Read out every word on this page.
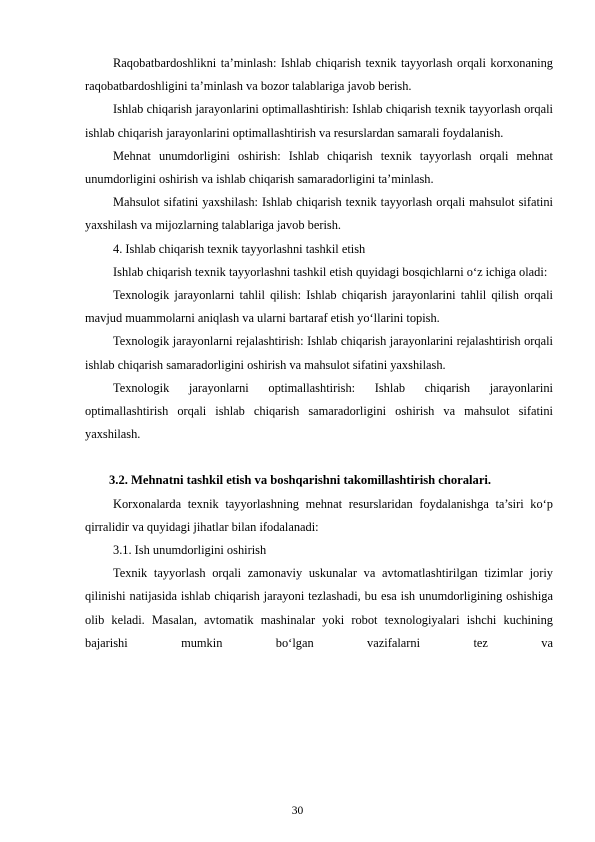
Raqobatbardoshlikni ta’minlash: Ishlab chiqarish texnik tayyorlash orqali korxonaning raqobatbardoshligini ta’minlash va bozor talablariga javob berish.

Ishlab chiqarish jarayonlarini optimallashtirish: Ishlab chiqarish texnik tayyorlash orqali ishlab chiqarish jarayonlarini optimallashtirish va resurslardan samarali foydalanish.

Mehnat unumdorligini oshirish: Ishlab chiqarish texnik tayyorlash orqali mehnat unumdorligini oshirish va ishlab chiqarish samaradorligini ta’minlash.

Mahsulot sifatini yaxshilash: Ishlab chiqarish texnik tayyorlash orqali mahsulot sifatini yaxshilash va mijozlarning talablariga javob berish.

4. Ishlab chiqarish texnik tayyorlashni tashkil etish

Ishlab chiqarish texnik tayyorlashni tashkil etish quyidagi bosqichlarni o‘z ichiga oladi:

Texnologik jarayonlarni tahlil qilish: Ishlab chiqarish jarayonlarini tahlil qilish orqali mavjud muammolarni aniqlash va ularni bartaraf etish yo‘llarini topish.

Texnologik jarayonlarni rejalashtirish: Ishlab chiqarish jarayonlarini rejalashtirish orqali ishlab chiqarish samaradorligini oshirish va mahsulot sifatini yaxshilash.

Texnologik jarayonlarni optimallashtirish: Ishlab chiqarish jarayonlarini optimallashtirish orqali ishlab chiqarish samaradorligini oshirish va mahsulot sifatini yaxshilash.

3.2. Mehnatni tashkil etish va boshqarishni takomillashtirish choralari.

Korxonalarda texnik tayyorlashning mehnat resurslaridan foydalanishga ta’siri ko‘p qirralidir va quyidagi jihatlar bilan ifodalanadi:

3.1. Ish unumdorligini oshirish

Texnik tayyorlash orqali zamonaviy uskunalar va avtomatlashtirilgan tizimlar joriy qilinishi natijasida ishlab chiqarish jarayoni tezlashadi, bu esa ish unumdorligining oshishiga olib keladi. Masalan, avtomatik mashinalar yoki robot texnologiyalari ishchi kuchining bajarishi mumkin bo‘lgan vazifalarni tez va

30
